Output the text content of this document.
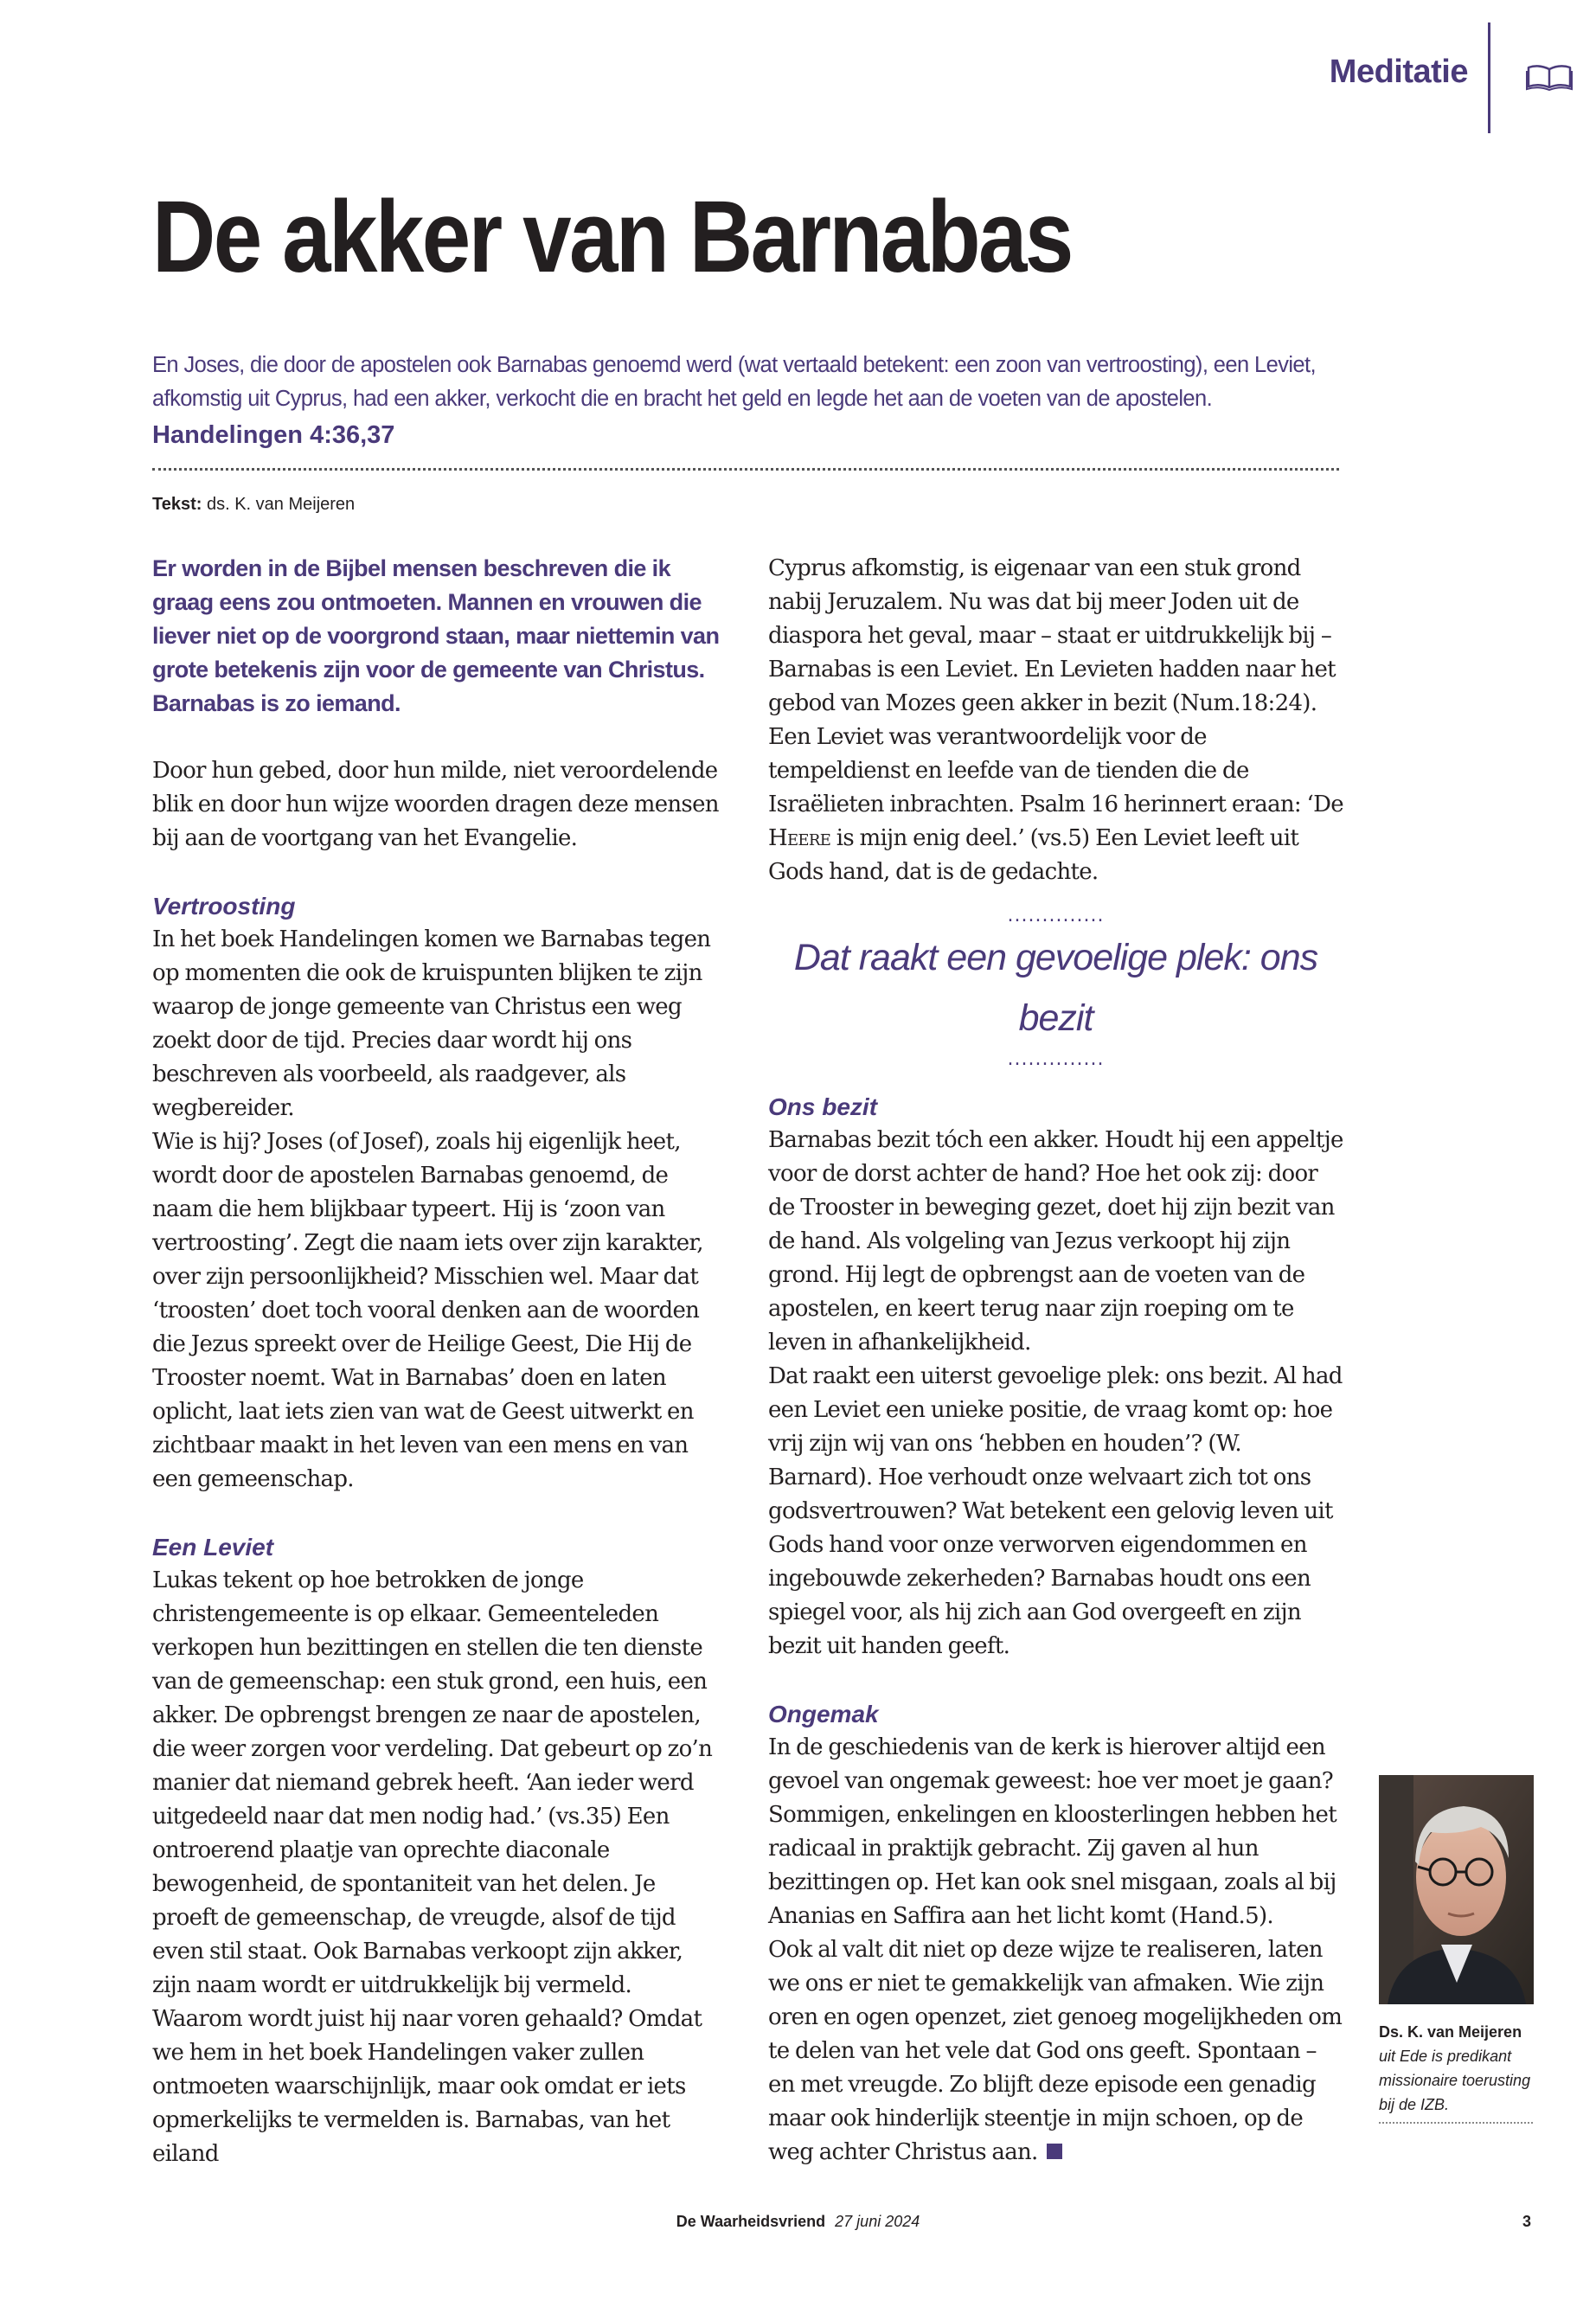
Meditatie
De akker van Barnabas
En Joses, die door de apostelen ook Barnabas genoemd werd (wat vertaald betekent: een zoon van vertroosting), een Leviet, afkomstig uit Cyprus, had een akker, verkocht die en bracht het geld en legde het aan de voeten van de apostelen.
Handelingen 4:36,37
Tekst: ds. K. van Meijeren

Er worden in de Bijbel mensen beschreven die ik graag eens zou ontmoeten. Mannen en vrouwen die liever niet op de voorgrond staan, maar niettemin van grote betekenis zijn voor de gemeente van Christus. Barnabas is zo iemand.

Door hun gebed, door hun milde, niet veroordelende blik en door hun wijze woorden dragen deze mensen bij aan de voortgang van het Evangelie.

Vertroosting

In het boek Handelingen komen we Barnabas tegen op momenten die ook de kruispunten blijken te zijn waarop de jonge gemeente van Christus een weg zoekt door de tijd. Precies daar wordt hij ons beschreven als voorbeeld, als raadgever, als wegbereider.

Wie is hij? Joses (of Josef), zoals hij eigenlijk heet, wordt door de apostelen Barnabas genoemd, de naam die hem blijkbaar typeert. Hij is ‘zoon van vertroosting’. Zegt die naam iets over zijn karakter, over zijn persoonlijkheid? Misschien wel. Maar dat ‘troosten’ doet toch vooral denken aan de woorden die Jezus spreekt over de Heilige Geest, Die Hij de Trooster noemt. Wat in Barnabas’ doen en laten oplicht, laat iets zien van wat de Geest uitwerkt en zichtbaar maakt in het leven van een mens en van een gemeenschap.

Een Leviet

Lukas tekent op hoe betrokken de jonge christengemeente is op elkaar. Gemeenteleden verkopen hun bezittingen en stellen die ten dienste van de gemeenschap: een stuk grond, een huis, een akker. De opbrengst brengen ze naar de apostelen, die weer zorgen voor verdeling. Dat gebeurt op zo’n manier dat niemand gebrek heeft. ‘Aan ieder werd uitgedeeld naar dat men nodig had.’ (vs.35) Een ontroerend plaatje van oprechte diaconale bewogenheid, de spontaniteit van het delen. Je proeft de gemeenschap, de vreugde, alsof de tijd even stil staat. Ook Barnabas verkoopt zijn akker, zijn naam wordt er uitdrukkelijk bij vermeld.

Waarom wordt juist hij naar voren gehaald? Omdat we hem in het boek Handelingen vaker zullen ontmoeten waarschijnlijk, maar ook omdat er iets opmerkelijks te vermelden is. Barnabas, van het eiland

Cyprus afkomstig, is eigenaar van een stuk grond nabij Jeruzalem. Nu was dat bij meer Joden uit de diaspora het geval, maar – staat er uitdrukkelijk bij – Barnabas is een Leviet. En Levieten hadden naar het gebod van Mozes geen akker in bezit (Num.18:24). Een Leviet was verantwoordelijk voor de tempeldienst en leefde van de tienden die de Israëlieten inbrachten. Psalm 16 herinnert eraan: ‘De Heere is mijn enig deel.’ (vs.5) Een Leviet leeft uit Gods hand, dat is de gedachte.

..............
Dat raakt een gevoelige plek: ons bezit
..............

Ons bezit

Barnabas bezit tóch een akker. Houdt hij een appeltje voor de dorst achter de hand? Hoe het ook zij: door de Trooster in beweging gezet, doet hij zijn bezit van de hand. Als volgeling van Jezus verkoopt hij zijn grond. Hij legt de opbrengst aan de voeten van de apostelen, en keert terug naar zijn roeping om te leven in afhankelijkheid.

Dat raakt een uiterst gevoelige plek: ons bezit. Al had een Leviet een unieke positie, de vraag komt op: hoe vrij zijn wij van ons ‘hebben en houden’? (W. Barnard). Hoe verhoudt onze welvaart zich tot ons godsvertrouwen? Wat betekent een gelovig leven uit Gods hand voor onze verworven eigendommen en ingebouwde zekerheden? Barnabas houdt ons een spiegel voor, als hij zich aan God overgeeft en zijn bezit uit handen geeft.

Ongemak

In de geschiedenis van de kerk is hierover altijd een gevoel van ongemak geweest: hoe ver moet je gaan? Sommigen, enkelingen en kloosterlingen hebben het radicaal in praktijk gebracht. Zij gaven al hun bezittingen op. Het kan ook snel misgaan, zoals al bij Ananias en Saffira aan het licht komt (Hand.5).

Ook al valt dit niet op deze wijze te realiseren, laten we ons er niet te gemakkelijk van afmaken. Wie zijn oren en ogen openzet, ziet genoeg mogelijkheden om te delen van het vele dat God ons geeft. Spontaan – en met vreugde. Zo blijft deze episode een genadig maar ook hinderlijk steentje in mijn schoen, op de weg achter Christus aan.

Ds. K. van Meijeren
uit Ede is predikant missionaire toerusting bij de IZB.
De Waarheidsvriend 27 juni 2024	3
